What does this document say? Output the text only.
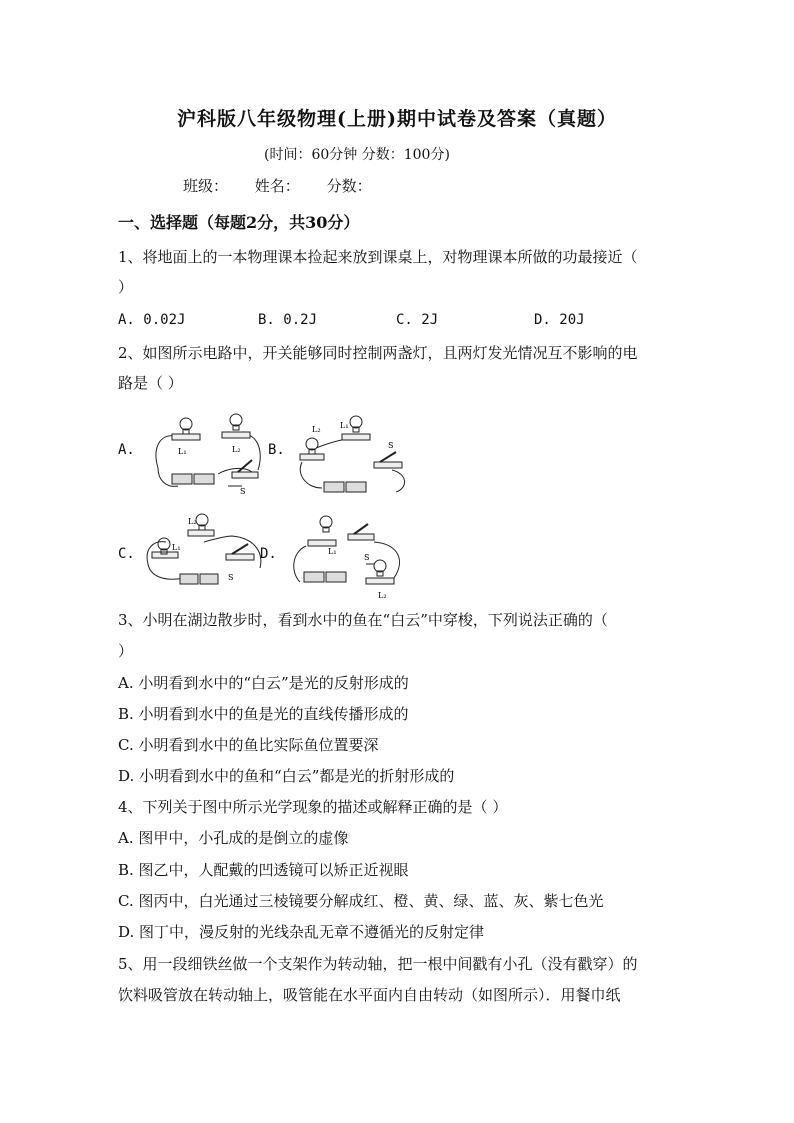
沪科版八年级物理(上册)期中试卷及答案（真题）
(时间：60分钟 分数：100分)
班级： 姓名： 分数：
一、选择题（每题2分，共30分）
1、将地面上的一本物理课本捡起来放到课桌上，对物理课本所做的功最接近（
）
A. 0.02J	B. 0.2J	C. 2J	D. 20J
2、如图所示电路中，开关能够同时控制两盏灯，且两灯发光情况互不影响的电
路是（ ）
A.	B.
C.	D.
L₁	L₂
S
L₂ L₁
S
L₂
L₁
S
L₁
S
L₂
3、小明在湖边散步时，看到水中的鱼在“白云”中穿梭，下列说法正确的（
）
A. 小明看到水中的“白云”是光的反射形成的
B. 小明看到水中的鱼是光的直线传播形成的
C. 小明看到水中的鱼比实际鱼位置要深
D. 小明看到水中的鱼和“白云”都是光的折射形成的
4、下列关于图中所示光学现象的描述或解释正确的是（ ）
A. 图甲中，小孔成的是倒立的虚像
B. 图乙中，人配戴的凹透镜可以矫正近视眼
C. 图丙中，白光通过三棱镜要分解成红、橙、黄、绿、蓝、灰、紫七色光
D. 图丁中，漫反射的光线杂乱无章不遵循光的反射定律
5、用一段细铁丝做一个支架作为转动轴，把一根中间戳有小孔（没有戳穿）的
饮料吸管放在转动轴上，吸管能在水平面内自由转动（如图所示）．用餐巾纸
